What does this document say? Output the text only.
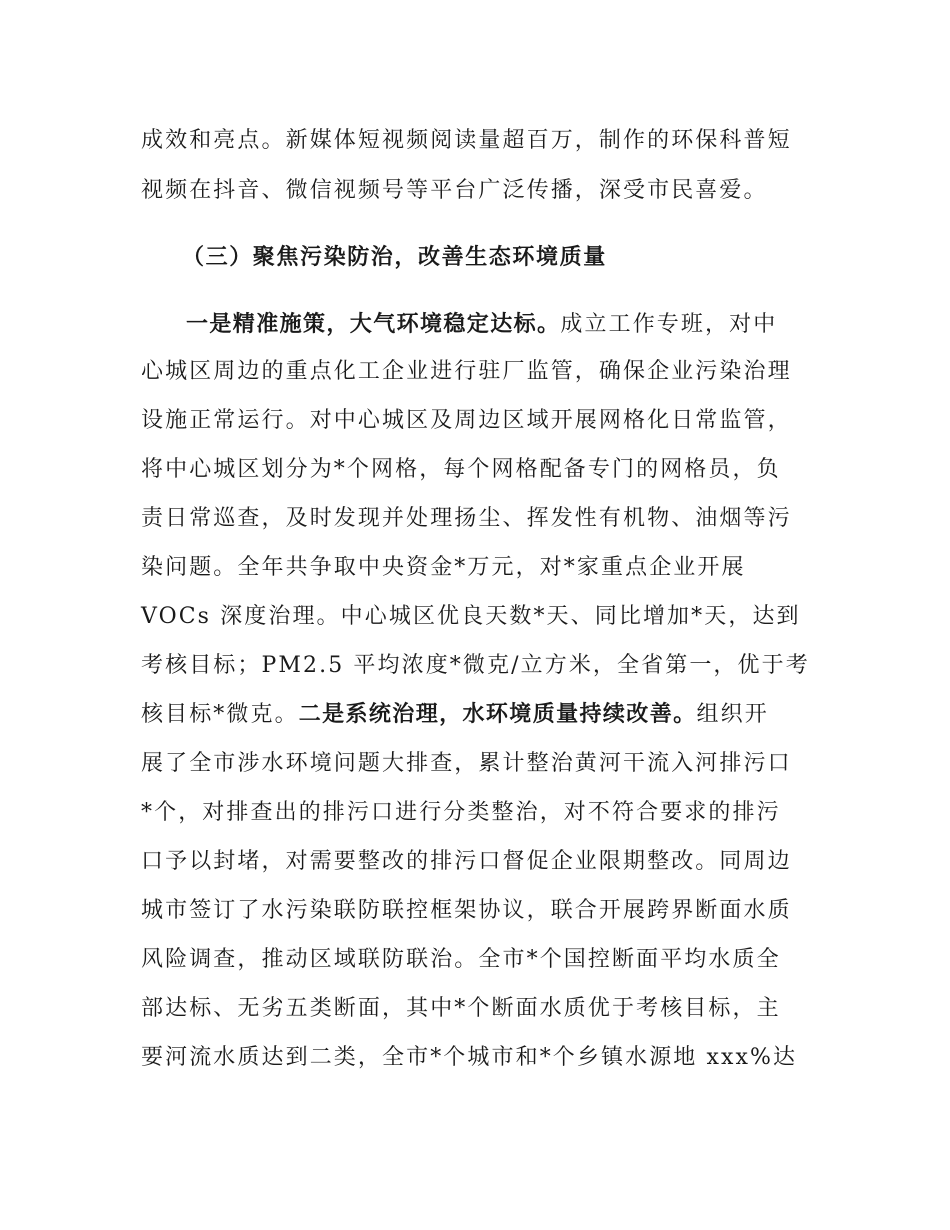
成效和亮点。新媒体短视频阅读量超百万，制作的环保科普短

视频在抖音、微信视频号等平台广泛传播，深受市民喜爱。

（三）聚焦污染防治，改善生态环境质量

一是精准施策，大气环境稳定达标。成立工作专班，对中

心城区周边的重点化工企业进行驻厂监管，确保企业污染治理

设施正常运行。对中心城区及周边区域开展网格化日常监管，

将中心城区划分为*个网格，每个网格配备专门的网格员，负

责日常巡查，及时发现并处理扬尘、挥发性有机物、油烟等污

染问题。全年共争取中央资金*万元，对*家重点企业开展

VOCs 深度治理。中心城区优良天数*天、同比增加*天，达到

考核目标；PM2.5 平均浓度*微克/立方米，全省第一，优于考

核目标*微克。二是系统治理，水环境质量持续改善。组织开

展了全市涉水环境问题大排查，累计整治黄河干流入河排污口

*个，对排查出的排污口进行分类整治，对不符合要求的排污

口予以封堵，对需要整改的排污口督促企业限期整改。同周边

城市签订了水污染联防联控框架协议，联合开展跨界断面水质

风险调查，推动区域联防联治。全市*个国控断面平均水质全

部达标、无劣五类断面，其中*个断面水质优于考核目标，主

要河流水质达到二类，全市*个城市和*个乡镇水源地 xxx%达
